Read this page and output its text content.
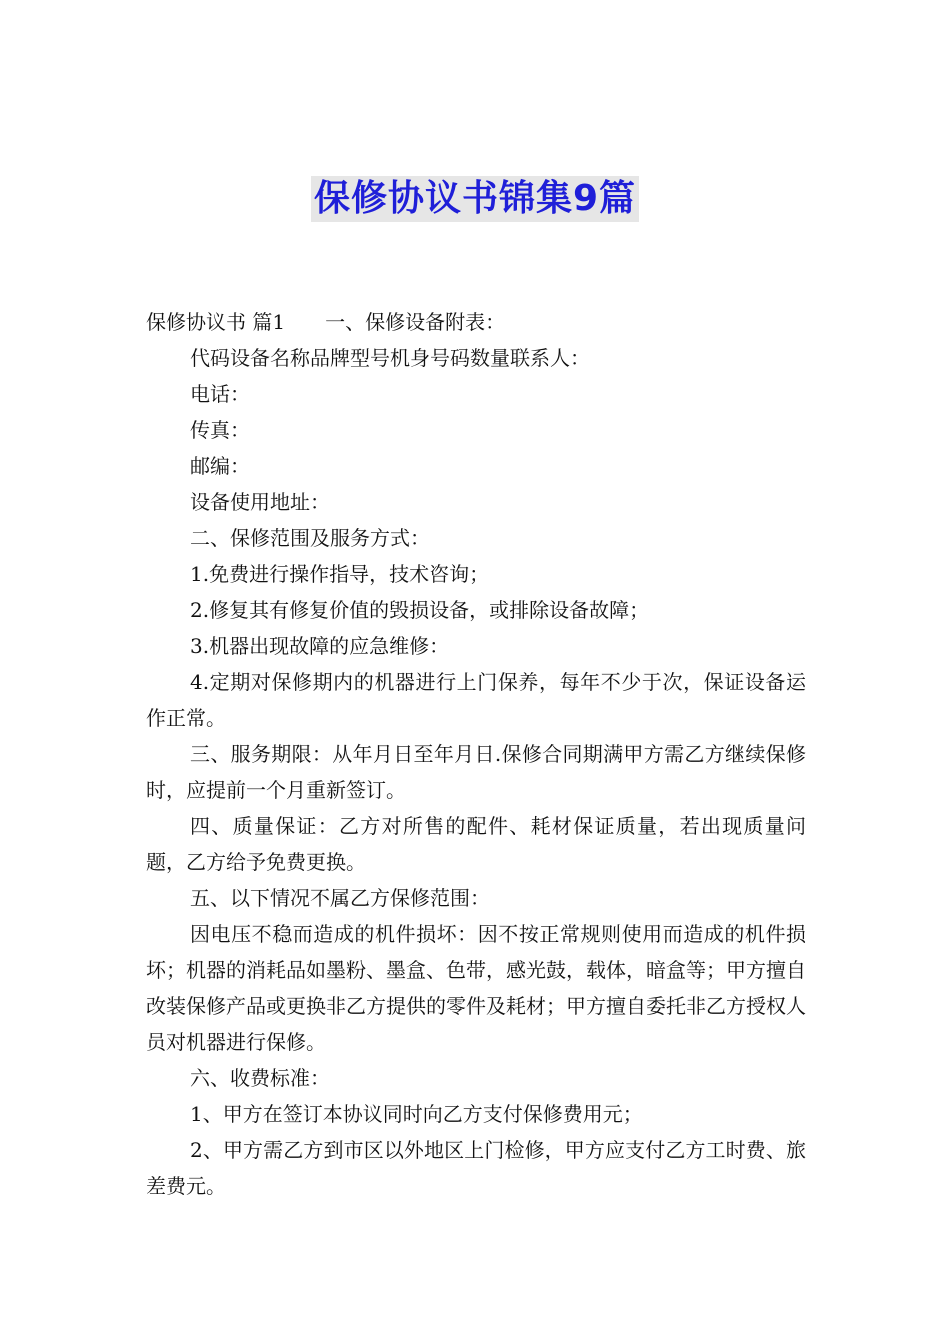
保修协议书锦集9篇

保修协议书 篇1 一、保修设备附表：

代码设备名称品牌型号机身号码数量联系人：

电话：

传真：

邮编：

设备使用地址：

二、保修范围及服务方式：

1.免费进行操作指导，技术咨询；

2.修复其有修复价值的毁损设备，或排除设备故障；

3.机器出现故障的应急维修：

4.定期对保修期内的机器进行上门保养，每年不少于次，保证设备运作正常。

三、服务期限：从年月日至年月日.保修合同期满甲方需乙方继续保修时，应提前一个月重新签订。

四、质量保证：乙方对所售的配件、耗材保证质量，若出现质量问题，乙方给予免费更换。

五、以下情况不属乙方保修范围：

因电压不稳而造成的机件损坏：因不按正常规则使用而造成的机件损坏；机器的消耗品如墨粉、墨盒、色带，感光鼓，载体，暗盒等；甲方擅自改装保修产品或更换非乙方提供的零件及耗材；甲方擅自委托非乙方授权人员对机器进行保修。

六、收费标准：

1、甲方在签订本协议同时向乙方支付保修费用元；

2、甲方需乙方到市区以外地区上门检修，甲方应支付乙方工时费、旅差费元。
